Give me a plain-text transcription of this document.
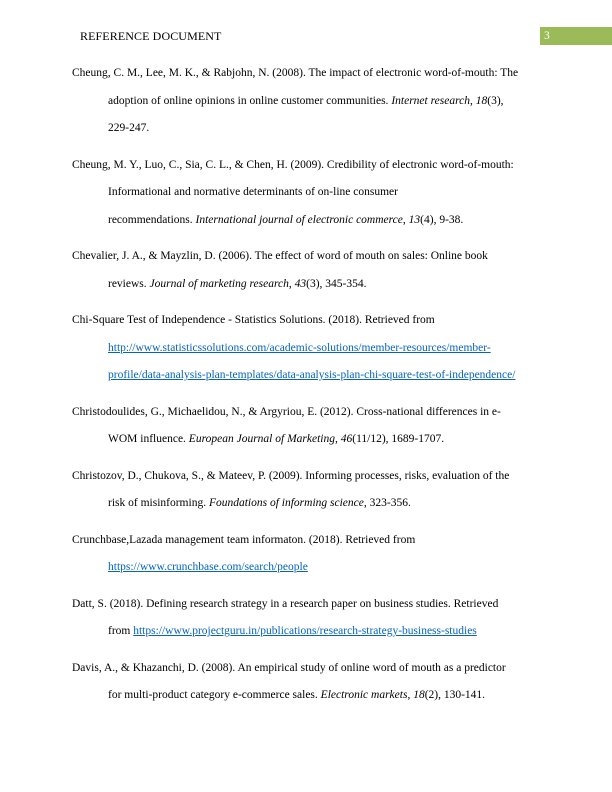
REFERENCE DOCUMENT	3

Cheung, C. M., Lee, M. K., & Rabjohn, N. (2008). The impact of electronic word-of-mouth: The
adoption of online opinions in online customer communities. Internet research, 18(3),
229-247.

Cheung, M. Y., Luo, C., Sia, C. L., & Chen, H. (2009). Credibility of electronic word-of-mouth:
Informational and normative determinants of on-line consumer
recommendations. International journal of electronic commerce, 13(4), 9-38.

Chevalier, J. A., & Mayzlin, D. (2006). The effect of word of mouth on sales: Online book
reviews. Journal of marketing research, 43(3), 345-354.

Chi-Square Test of Independence - Statistics Solutions. (2018). Retrieved from
http://www.statisticssolutions.com/academic-solutions/member-resources/member-
profile/data-analysis-plan-templates/data-analysis-plan-chi-square-test-of-independence/

Christodoulides, G., Michaelidou, N., & Argyriou, E. (2012). Cross-national differences in e-
WOM influence. European Journal of Marketing, 46(11/12), 1689-1707.

Christozov, D., Chukova, S., & Mateev, P. (2009). Informing processes, risks, evaluation of the
risk of misinforming. Foundations of informing science, 323-356.

Crunchbase,Lazada management team informaton. (2018). Retrieved from
https://www.crunchbase.com/search/people

Datt, S. (2018). Defining research strategy in a research paper on business studies. Retrieved
from https://www.projectguru.in/publications/research-strategy-business-studies

Davis, A., & Khazanchi, D. (2008). An empirical study of online word of mouth as a predictor
for multi-product category e-commerce sales. Electronic markets, 18(2), 130-141.
